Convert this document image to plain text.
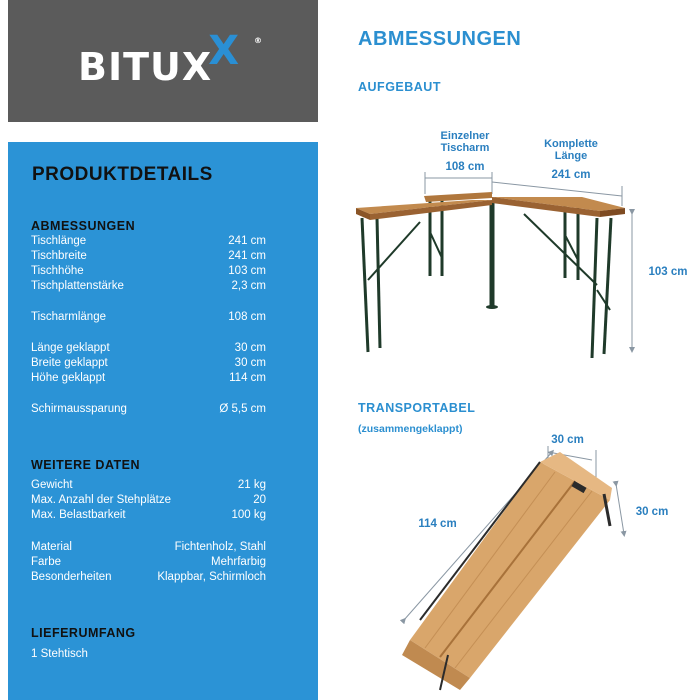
BITUXX ®
PRODUKTDETAILS
ABMESSUNGEN
Tischlänge	241 cm
Tischbreite	241 cm
Tischhöhe	103 cm
Tischplattenstärke	2,3 cm
Tischarmlänge	108 cm
Länge geklappt	30 cm
Breite geklappt	30 cm
Höhe geklappt	114 cm
Schirmaussparung	Ø 5,5 cm
WEITERE DATEN
Gewicht	21 kg
Max. Anzahl der Stehplätze	20
Max. Belastbarkeit	100 kg
Material	Fichtenholz, Stahl
Farbe	Mehrfarbig
Besonderheiten	Klappbar, Schirmloch
LIEFERUMFANG
1 Stehtisch
ABMESSUNGEN
AUFGEBAUT
TRANSPORTABEL
(zusammengeklappt)
Einzelner Tischarm
108 cm
Komplette Länge
241 cm
103 cm
30 cm
30 cm
114 cm
